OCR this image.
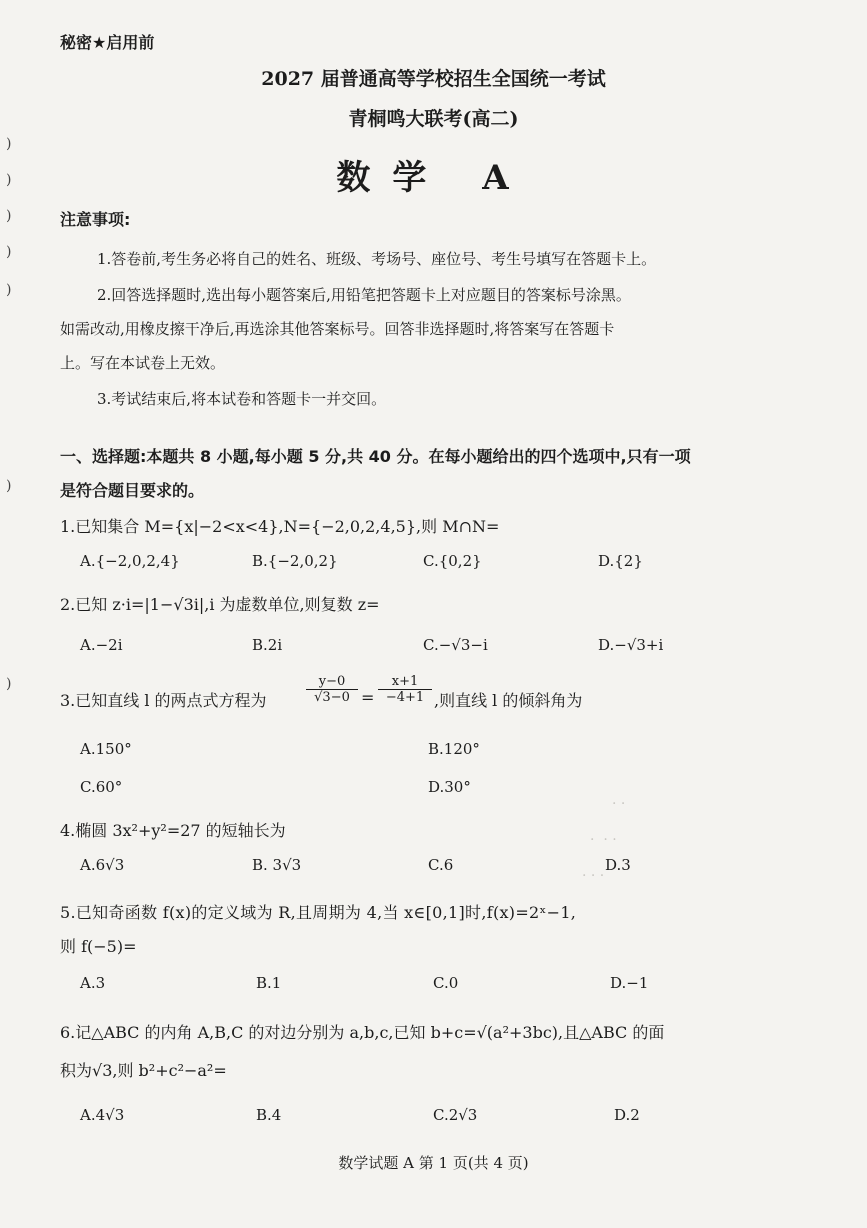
)
)
)
)
)
)
)
秘密★启用前
2027 届普通高等学校招生全国统一考试
青桐鸣大联考(高二)
数学 A
注意事项:
1.答卷前,考生务必将自己的姓名、班级、考场号、座位号、考生号填写在答题卡上。
2.回答选择题时,选出每小题答案后,用铅笔把答题卡上对应题目的答案标号涂黑。
如需改动,用橡皮擦干净后,再选涂其他答案标号。回答非选择题时,将答案写在答题卡
上。写在本试卷上无效。
3.考试结束后,将本试卷和答题卡一并交回。
一、选择题:本题共 8 小题,每小题 5 分,共 40 分。在每小题给出的四个选项中,只有一项
是符合题目要求的。
1.已知集合 M={x|−2<x<4},N={−2,0,2,4,5},则 M∩N=
A.{−2,0,2,4}	B.{−2,0,2}	C.{0,2}	D.{2}
2.已知 z·i=|1−√3i|,i 为虚数单位,则复数 z=
A.−2i	B.2i	C.−√3−i	D.−√3+i
3.已知直线 l 的两点式方程为	$\frac{y-0}{√3-0} = \frac{x+1}{-4+1}$ ,则直线 l 的倾斜角为
A.150°	B.120°
C.60°	D.30°
· ·
·  · ·
· · ·
4.椭圆 3x²+y²=27 的短轴长为
A.6√3	B. 3√3	C.6	D.3
5.已知奇函数 f(x)的定义域为 R,且周期为 4,当 x∈[0,1]时,f(x)=2ˣ−1,
则 f(−5)=
A.3	B.1	C.0	D.−1
6.记△ABC 的内角 A,B,C 的对边分别为 a,b,c,已知 b+c=√(a²+3bc),且△ABC 的面
积为√3,则 b²+c²−a²=
A.4√3	B.4	C.2√3	D.2
数学试题 A 第 1 页(共 4 页)
